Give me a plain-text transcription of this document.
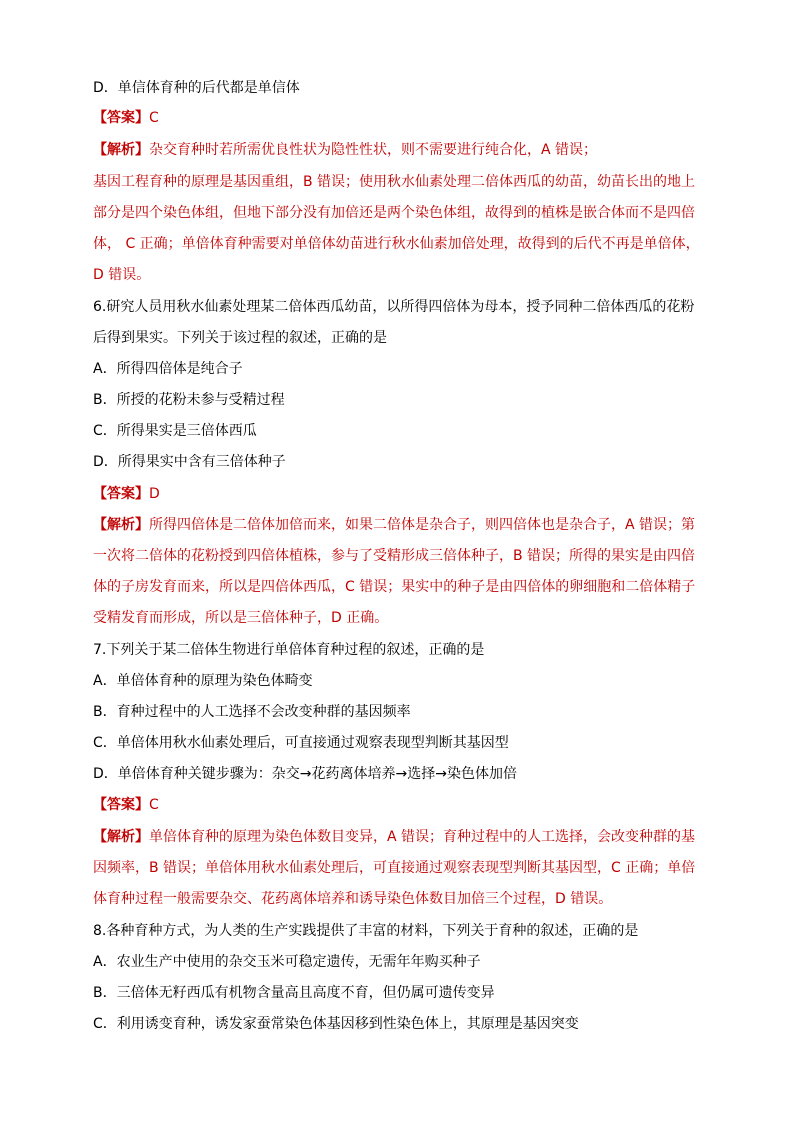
D．单信体育种的后代都是单信体
【答案】C
【解析】杂交育种时若所需优良性状为隐性性状，则不需要进行纯合化，A 错误；
基因工程育种的原理是基因重组，B 错误；使用秋水仙素处理二倍体西瓜的幼苗，幼苗长出的地上
部分是四个染色体组，但地下部分没有加倍还是两个染色体组，故得到的植株是嵌合体而不是四倍
体， C 正确；单倍体育种需要对单倍体幼苗进行秋水仙素加倍处理，故得到的后代不再是单倍体，
D 错误。
6.研究人员用秋水仙素处理某二倍体西瓜幼苗，以所得四倍体为母本，授予同种二倍体西瓜的花粉
后得到果实。下列关于该过程的叙述，正确的是
A．所得四倍体是纯合子
B．所授的花粉未参与受精过程
C．所得果实是三倍体西瓜
D．所得果实中含有三倍体种子
【答案】D
【解析】所得四倍体是二倍体加倍而来，如果二倍体是杂合子，则四倍体也是杂合子，A 错误；第
一次将二倍体的花粉授到四倍体植株，参与了受精形成三倍体种子，B 错误；所得的果实是由四倍
体的子房发育而来，所以是四倍体西瓜，C 错误；果实中的种子是由四倍体的卵细胞和二倍体精子
受精发育而形成，所以是三倍体种子，D 正确。
7.下列关于某二倍体生物进行单倍体育种过程的叙述，正确的是
A．单倍体育种的原理为染色体畸变
B．育种过程中的人工选择不会改变种群的基因频率
C．单倍体用秋水仙素处理后，可直接通过观察表现型判断其基因型
D．单倍体育种关键步骤为：杂交→花药离体培养→选择→染色体加倍
【答案】C
【解析】单倍体育种的原理为染色体数目变异，A 错误；育种过程中的人工选择，会改变种群的基
因频率，B 错误；单倍体用秋水仙素处理后，可直接通过观察表现型判断其基因型，C 正确；单倍
体育种过程一般需要杂交、花药离体培养和诱导染色体数目加倍三个过程，D 错误。
8.各种育种方式，为人类的生产实践提供了丰富的材料，下列关于育种的叙述，正确的是
A．农业生产中使用的杂交玉米可稳定遗传，无需年年购买种子
B．三倍体无籽西瓜有机物含量高且高度不育，但仍属可遗传变异
C．利用诱变育种，诱发家蚕常染色体基因移到性染色体上，其原理是基因突变
